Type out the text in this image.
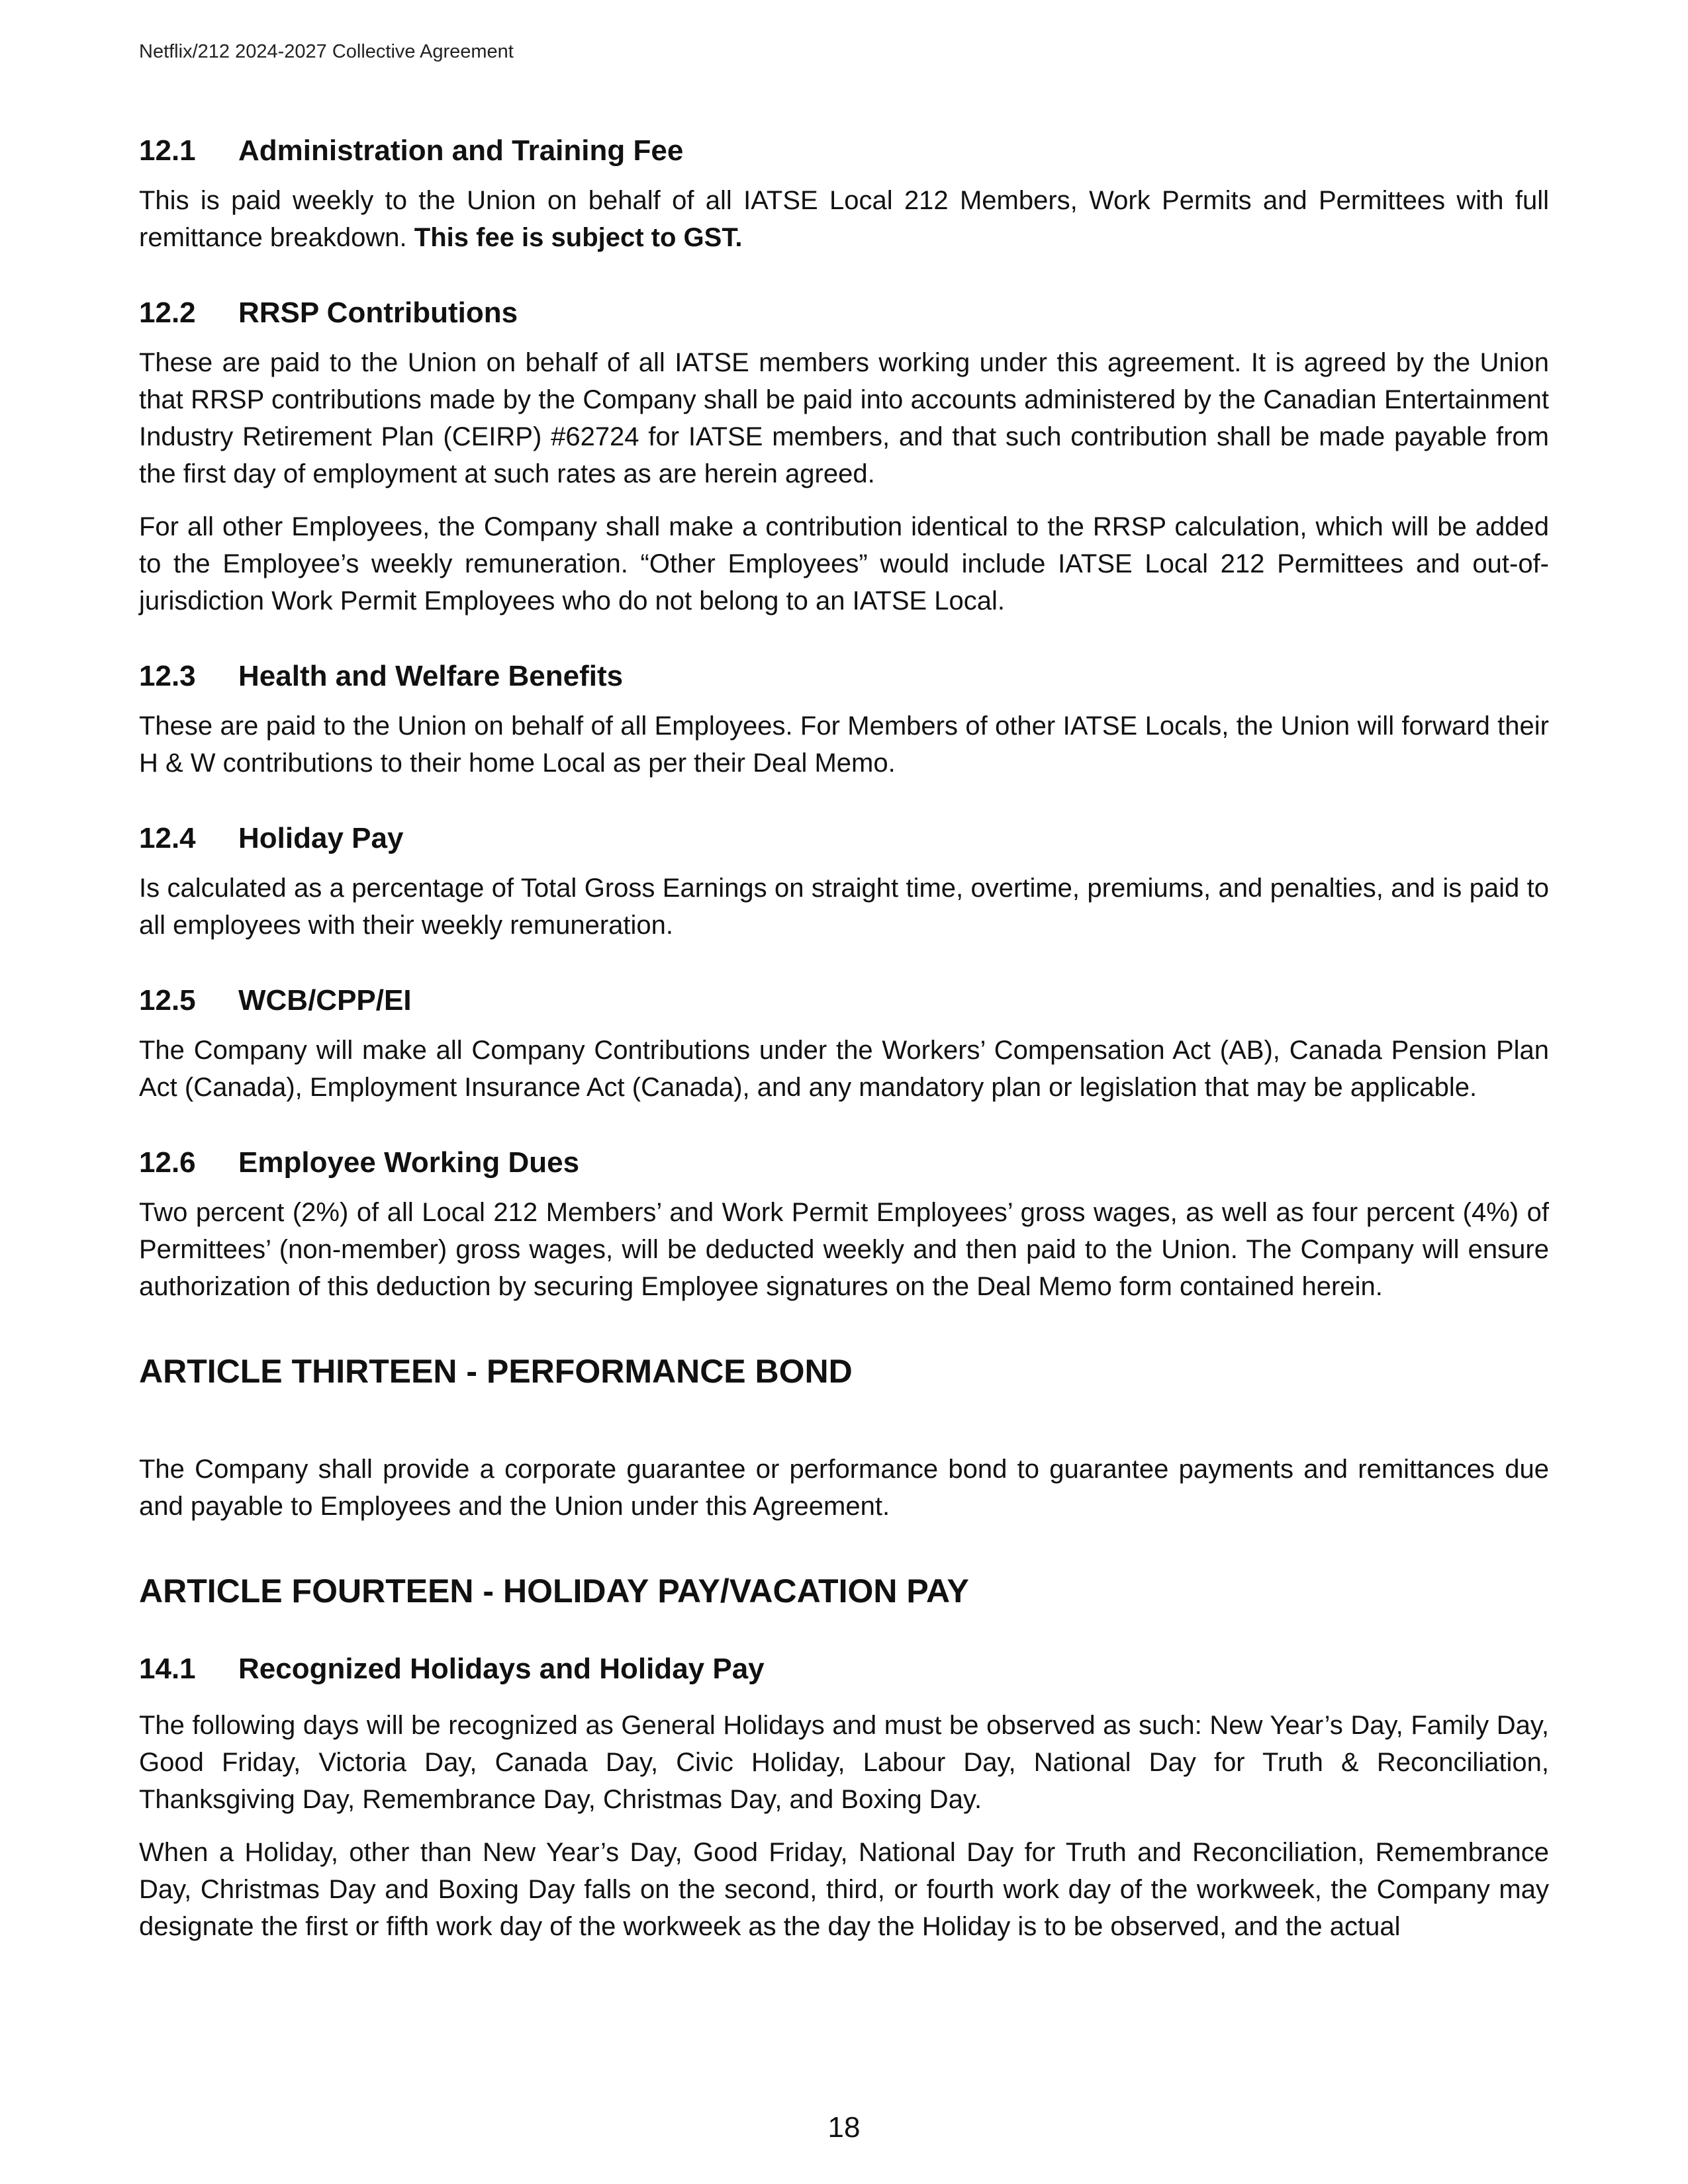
Netflix/212 2024-2027 Collective Agreement
12.1 Administration and Training Fee

This is paid weekly to the Union on behalf of all IATSE Local 212 Members, Work Permits and Permittees with full remittance breakdown. This fee is subject to GST.

12.2 RRSP Contributions

These are paid to the Union on behalf of all IATSE members working under this agreement. It is agreed by the Union that RRSP contributions made by the Company shall be paid into accounts administered by the Canadian Entertainment Industry Retirement Plan (CEIRP) #62724 for IATSE members, and that such contribution shall be made payable from the first day of employment at such rates as are herein agreed.

For all other Employees, the Company shall make a contribution identical to the RRSP calculation, which will be added to the Employee’s weekly remuneration. “Other Employees” would include IATSE Local 212 Permittees and out-of-jurisdiction Work Permit Employees who do not belong to an IATSE Local.

12.3 Health and Welfare Benefits

These are paid to the Union on behalf of all Employees. For Members of other IATSE Locals, the Union will forward their H & W contributions to their home Local as per their Deal Memo.

12.4 Holiday Pay

Is calculated as a percentage of Total Gross Earnings on straight time, overtime, premiums, and penalties, and is paid to all employees with their weekly remuneration.

12.5 WCB/CPP/EI

The Company will make all Company Contributions under the Workers’ Compensation Act (AB), Canada Pension Plan Act (Canada), Employment Insurance Act (Canada), and any mandatory plan or legislation that may be applicable.

12.6 Employee Working Dues

Two percent (2%) of all Local 212 Members’ and Work Permit Employees’ gross wages, as well as four percent (4%) of Permittees’ (non-member) gross wages, will be deducted weekly and then paid to the Union. The Company will ensure authorization of this deduction by securing Employee signatures on the Deal Memo form contained herein.

ARTICLE THIRTEEN - PERFORMANCE BOND

The Company shall provide a corporate guarantee or performance bond to guarantee payments and remittances due and payable to Employees and the Union under this Agreement.

ARTICLE FOURTEEN - HOLIDAY PAY/VACATION PAY
14.1 Recognized Holidays and Holiday Pay

The following days will be recognized as General Holidays and must be observed as such: New Year’s Day, Family Day, Good Friday, Victoria Day, Canada Day, Civic Holiday, Labour Day, National Day for Truth & Reconciliation, Thanksgiving Day, Remembrance Day, Christmas Day, and Boxing Day.

When a Holiday, other than New Year’s Day, Good Friday, National Day for Truth and Reconciliation, Remembrance Day, Christmas Day and Boxing Day falls on the second, third, or fourth work day of the workweek, the Company may designate the first or fifth work day of the workweek as the day the Holiday is to be observed, and the actual

18
